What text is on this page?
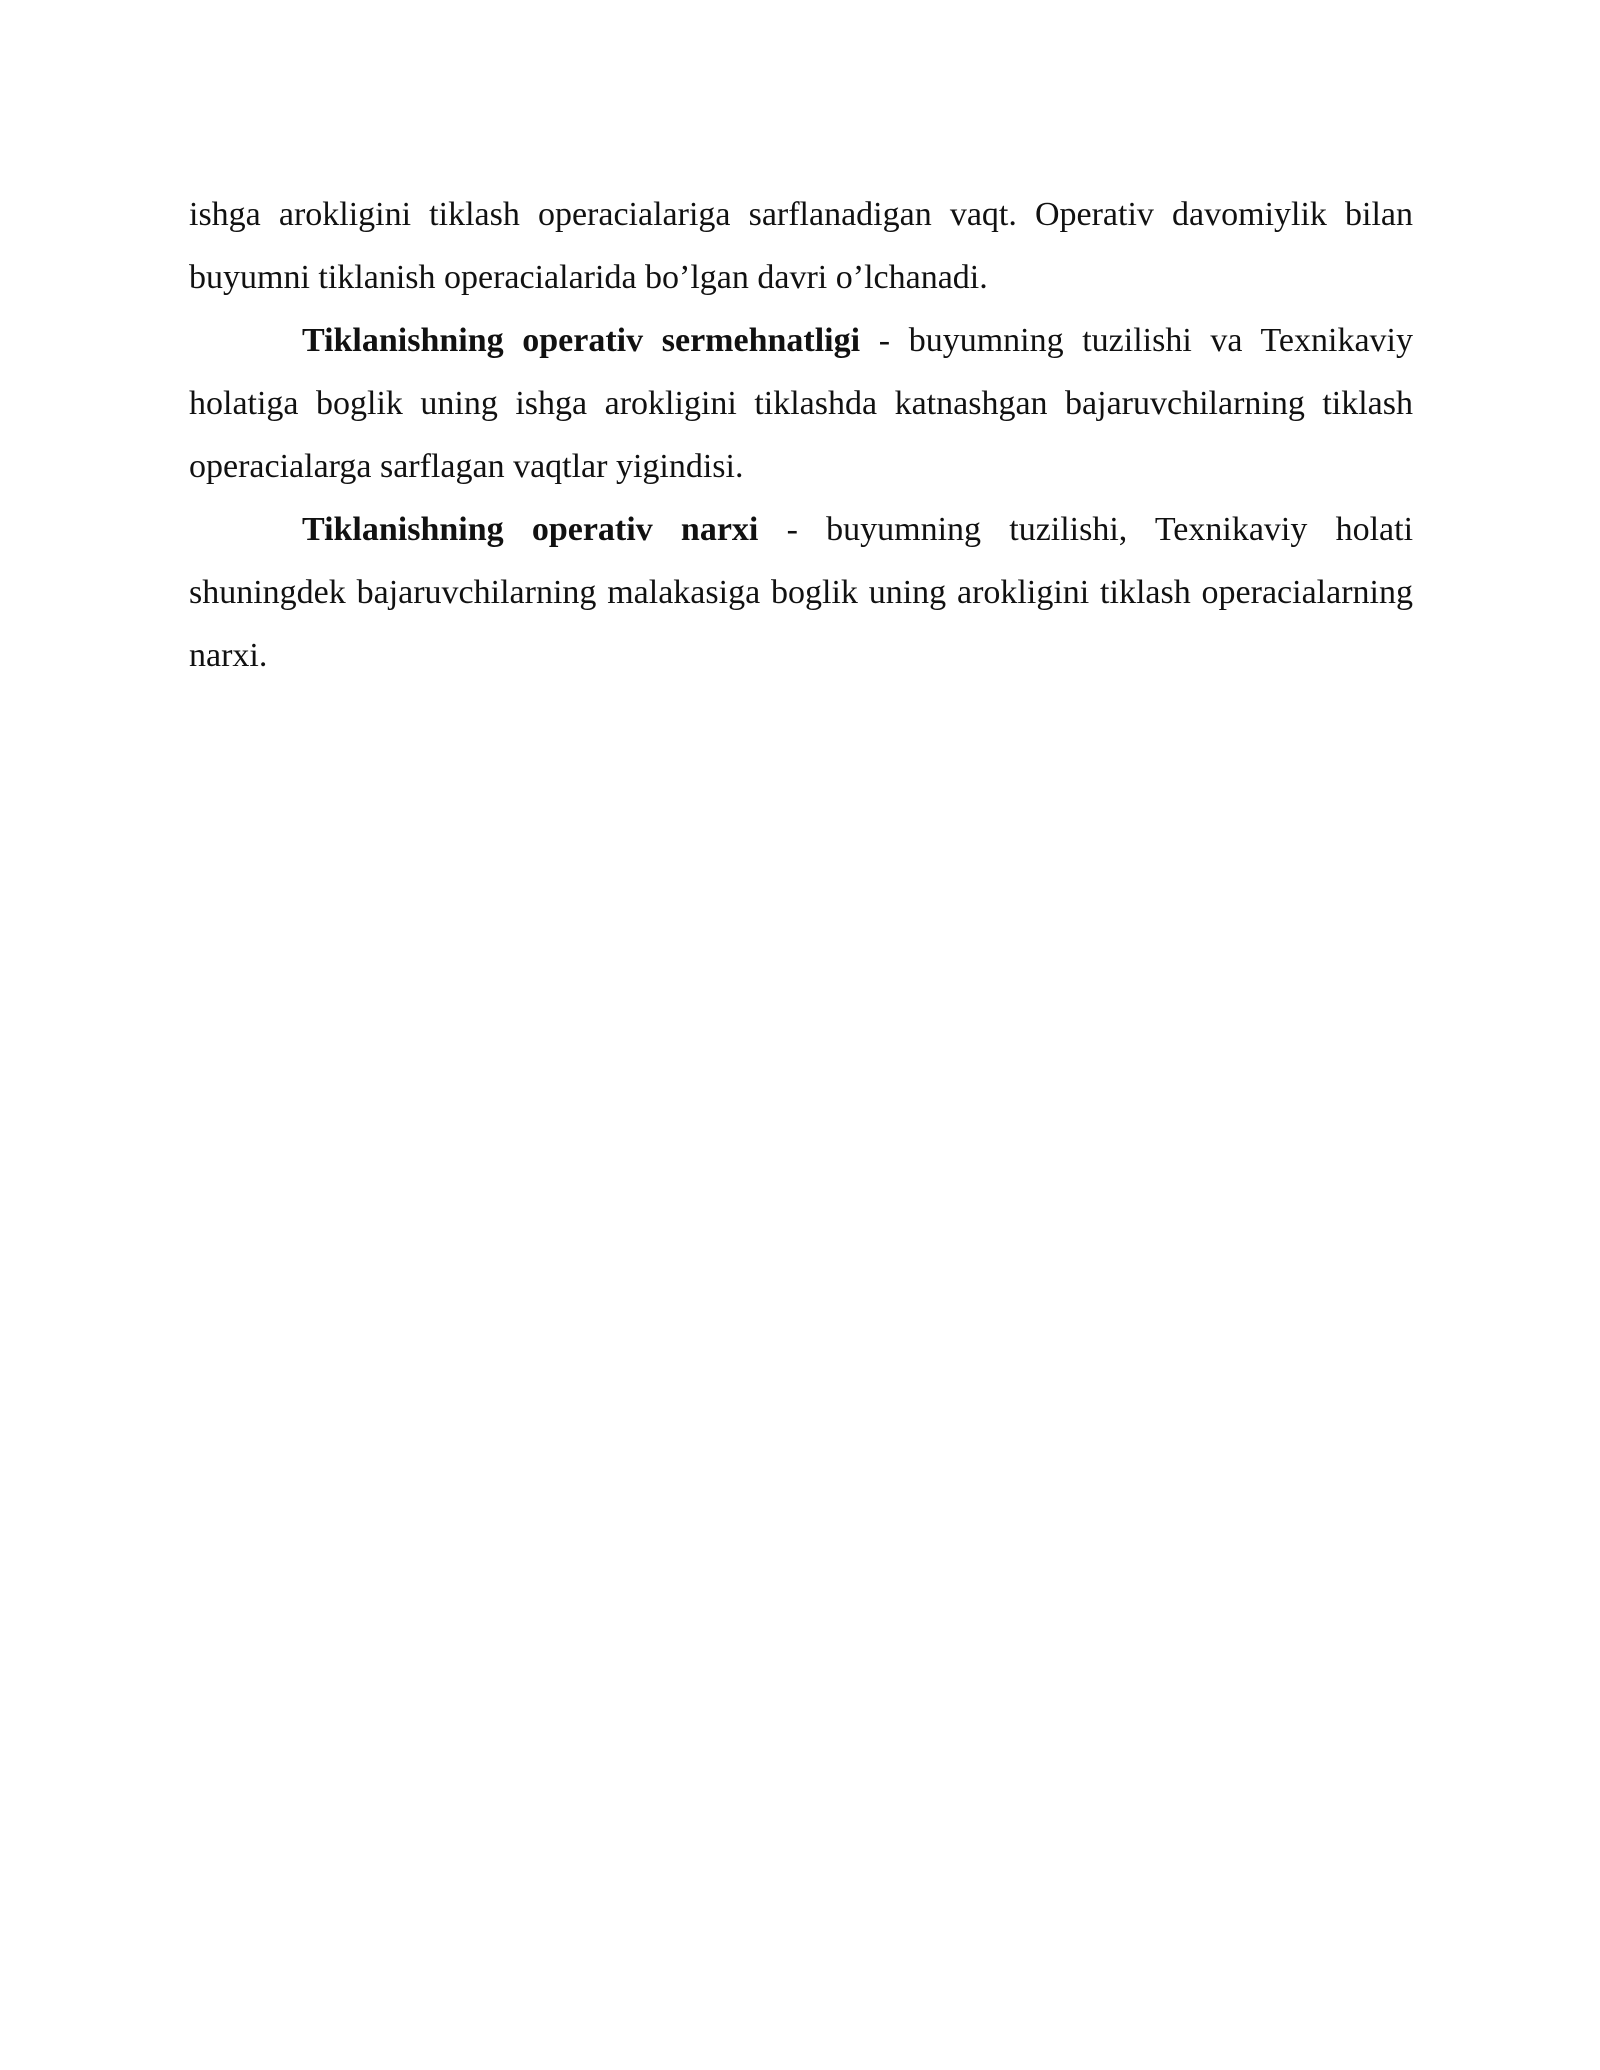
ishga arokligini tiklash operacialariga sarflanadigan vaqt. Operativ davomiylik bilan buyumni tiklanish operacialarida bo’lgan davri o’lchanadi.

Tiklanishning operativ sermehnatligi - buyumning tuzilishi va Texnikaviy holatiga boglik uning ishga arokligini tiklashda katnashgan bajaruvchilarning tiklash operacialarga sarflagan vaqtlar yigindisi.

Tiklanishning operativ narxi - buyumning tuzilishi, Texnikaviy holati shuningdek bajaruvchilarning malakasiga boglik uning arokligini tiklash operacialarning narxi.
